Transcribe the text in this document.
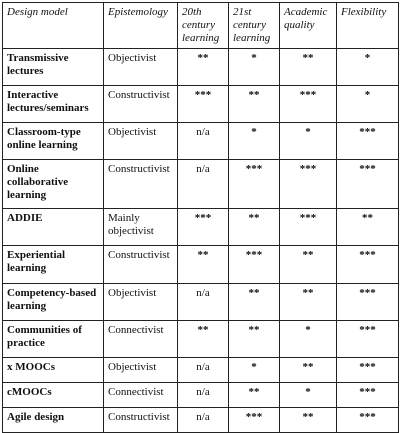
Design model	Epistemology	20th century learning	21st century learning	Academic quality	Flexibility
Transmissive lectures	Objectivist	**	*	**	*
Interactive lectures/seminars	Constructivist	***	**	***	*
Classroom-type online learning	Objectivist	n/a	*	*	***
Online collaborative learning	Constructivist	n/a	***	***	***
ADDIE	Mainly objectivist	***	**	***	**
Experiential learning	Constructivist	**	***	**	***
Competency-based learning	Objectivist	n/a	**	**	***
Communities of practice	Connectivist	**	**	*	***
x MOOCs	Objectivist	n/a	*	**	***
cMOOCs	Connectivist	n/a	**	*	***
Agile design	Constructivist	n/a	***	**	***
